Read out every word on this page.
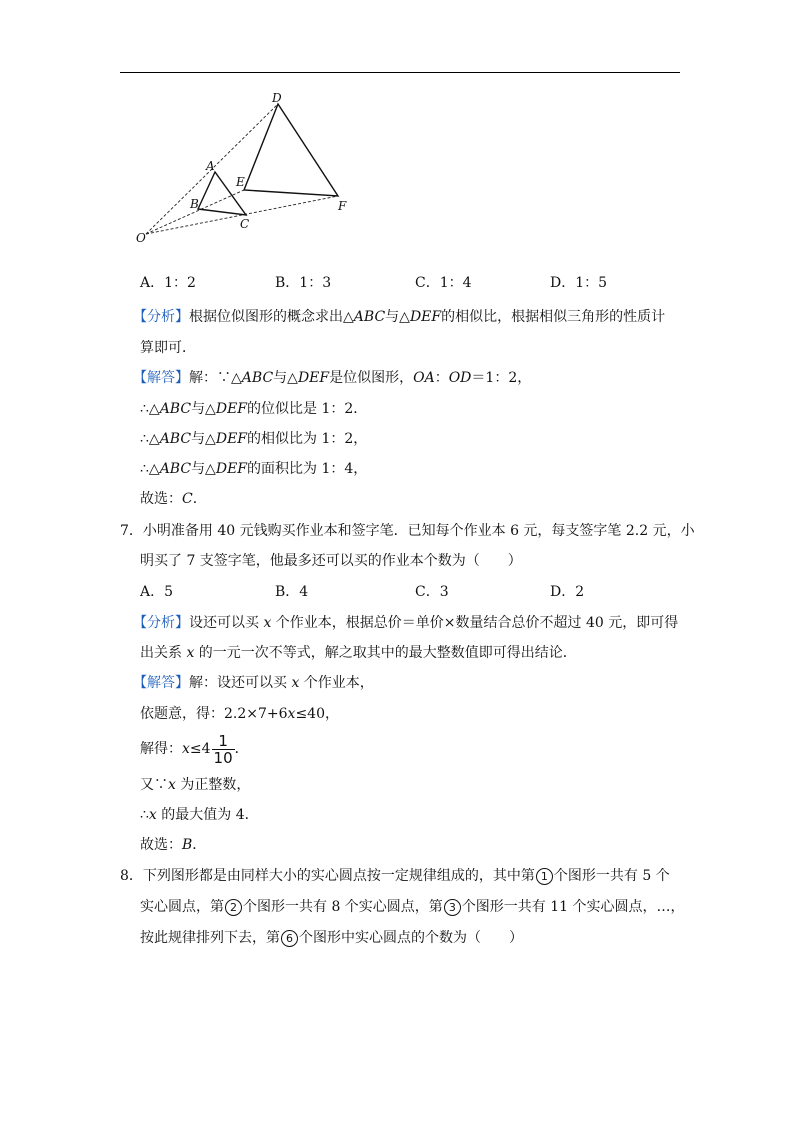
D
A
E
B
C
F
O
A．1：2	B．1：3	C．1：4	D．1：5
【分析】根据位似图形的概念求出△ABC与△DEF的相似比，根据相似三角形的性质计
算即可．
【解答】解：∵△ABC与△DEF是位似图形，OA：OD＝1：2，
∴△ABC与△DEF的位似比是 1：2．
∴△ABC与△DEF的相似比为 1：2，
∴△ABC与△DEF的面积比为 1：4，
故选：C．
7．小明准备用 40 元钱购买作业本和签字笔．已知每个作业本 6 元，每支签字笔 2.2 元，小
明买了 7 支签字笔，他最多还可以买的作业本个数为（　　）
A．5	B．4	C．3	D．2
【分析】设还可以买 x 个作业本，根据总价＝单价×数量结合总价不超过 40 元，即可得
出关系 x 的一元一次不等式，解之取其中的最大整数值即可得出结论．
【解答】解：设还可以买 x 个作业本，
依题意，得：2.2×7+6x≤40，
解得：$x\le 4 \frac{1}{10}$ ．
又∵x 为正整数，
∴x 的最大值为 4．
故选：B．
8．下列图形都是由同样大小的实心圆点按一定规律组成的，其中第 1 个图形一共有 5 个
实心圆点，第 2 个图形一共有 8 个实心圆点，第 3 个图形一共有 11 个实心圆点，…，
按此规律排列下去，第 6 个图形中实心圆点的个数为（　　）
